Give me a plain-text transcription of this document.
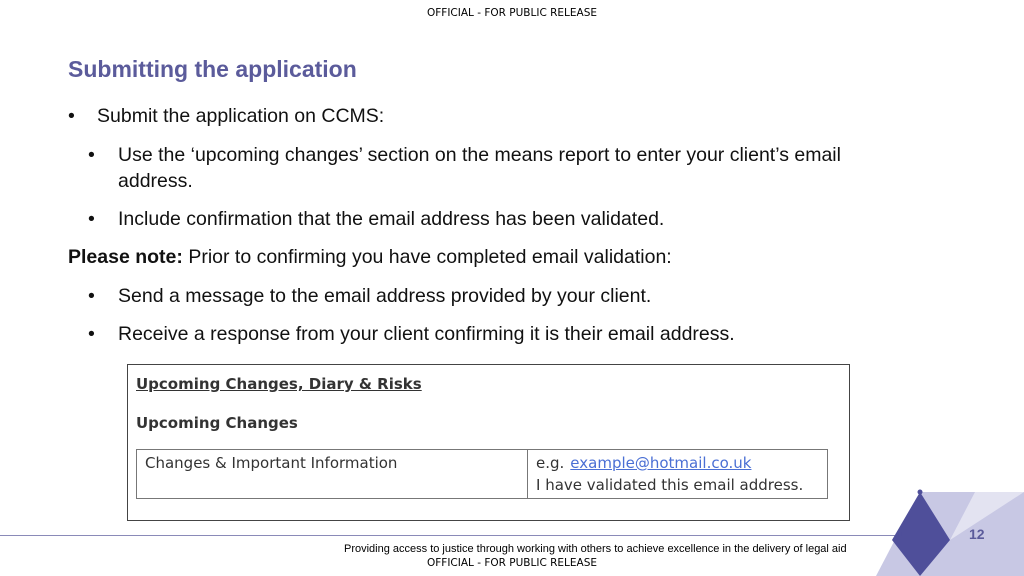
OFFICIAL - FOR PUBLIC RELEASE
Submitting the application
• Submit the application on CCMS:
• Use the ‘upcoming changes’ section on the means report to enter your client’s email
address.
• Include confirmation that the email address has been validated.
Please note: Prior to confirming you have completed email validation:
• Send a message to the email address provided by your client.
• Receive a response from your client confirming it is their email address.
Upcoming Changes, Diary & Risks
Upcoming Changes
Changes & Important Information	e.g. example@hotmail.co.uk
I have validated this email address.
Providing access to justice through working with others to achieve excellence in the delivery of legal aid
12
OFFICIAL - FOR PUBLIC RELEASE
